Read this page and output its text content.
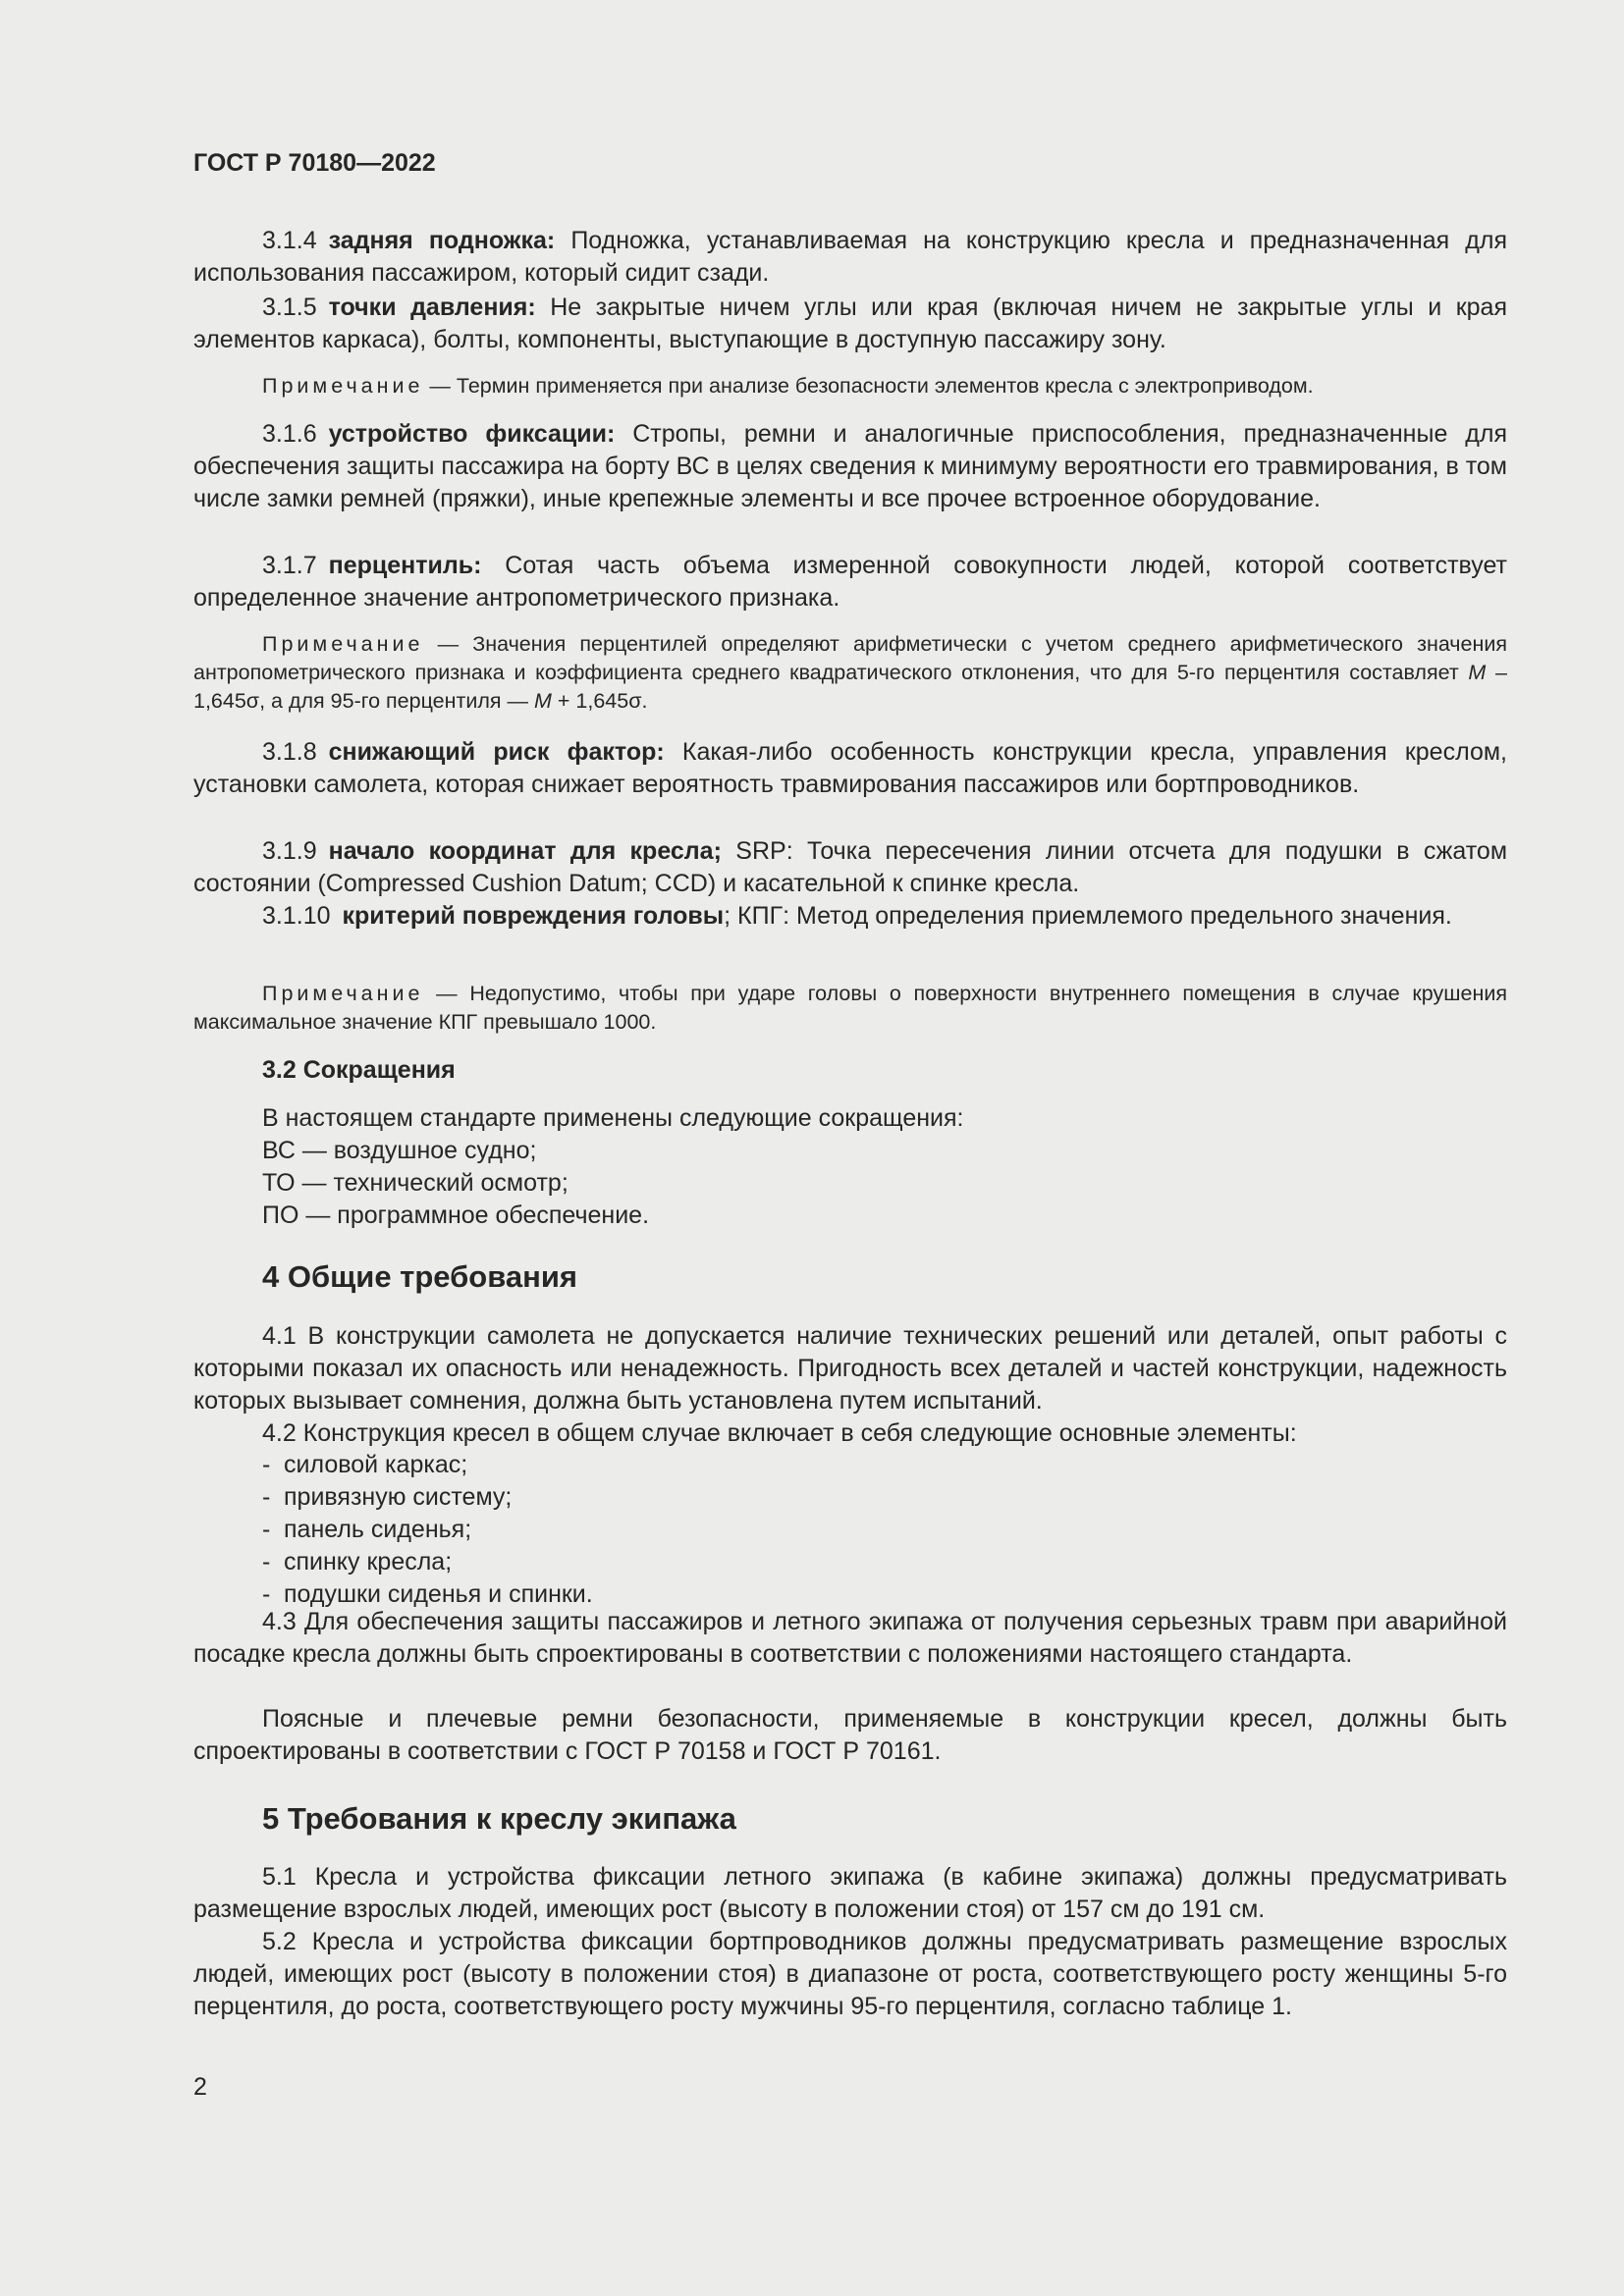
ГОСТ Р 70180—2022

3.1.4 задняя подножка: Подножка, устанавливаемая на конструкцию кресла и предназначенная для использования пассажиром, который сидит сзади.

3.1.5 точки давления: Не закрытые ничем углы или края (включая ничем не закрытые углы и края элементов каркаса), болты, компоненты, выступающие в доступную пассажиру зону.

Примечание — Термин применяется при анализе безопасности элементов кресла с электроприводом.

3.1.6 устройство фиксации: Стропы, ремни и аналогичные приспособления, предназначенные для обеспечения защиты пассажира на борту ВС в целях сведения к минимуму вероятности его травмирования, в том числе замки ремней (пряжки), иные крепежные элементы и все прочее встроенное оборудование.

3.1.7 перцентиль: Сотая часть объема измеренной совокупности людей, которой соответствует определенное значение антропометрического признака.

Примечание — Значения перцентилей определяют арифметически с учетом среднего арифметического значения антропометрического признака и коэффициента среднего квадратического отклонения, что для 5-го перцентиля составляет M – 1,645σ, а для 95-го перцентиля — M + 1,645σ.

3.1.8 снижающий риск фактор: Какая-либо особенность конструкции кресла, управления креслом, установки самолета, которая снижает вероятность травмирования пассажиров или бортпроводников.

3.1.9 начало координат для кресла; SRP: Точка пересечения линии отсчета для подушки в сжатом состоянии (Compressed Cushion Datum; CCD) и касательной к спинке кресла.

3.1.10 критерий повреждения головы; КПГ: Метод определения приемлемого предельного значения.

Примечание — Недопустимо, чтобы при ударе головы о поверхности внутреннего помещения в случае крушения максимальное значение КПГ превышало 1000.

3.2 Сокращения

В настоящем стандарте применены следующие сокращения:

ВС — воздушное судно;

ТО — технический осмотр;

ПО — программное обеспечение.

4 Общие требования

4.1 В конструкции самолета не допускается наличие технических решений или деталей, опыт работы с которыми показал их опасность или ненадежность. Пригодность всех деталей и частей конструкции, надежность которых вызывает сомнения, должна быть установлена путем испытаний.

4.2 Конструкция кресел в общем случае включает в себя следующие основные элементы:

- силовой каркас;

- привязную систему;

- панель сиденья;

- спинку кресла;

- подушки сиденья и спинки.

4.3 Для обеспечения защиты пассажиров и летного экипажа от получения серьезных травм при аварийной посадке кресла должны быть спроектированы в соответствии с положениями настоящего стандарта.

Поясные и плечевые ремни безопасности, применяемые в конструкции кресел, должны быть спроектированы в соответствии с ГОСТ Р 70158 и ГОСТ Р 70161.

5 Требования к креслу экипажа

5.1 Кресла и устройства фиксации летного экипажа (в кабине экипажа) должны предусматривать размещение взрослых людей, имеющих рост (высоту в положении стоя) от 157 см до 191 см.

5.2 Кресла и устройства фиксации бортпроводников должны предусматривать размещение взрослых людей, имеющих рост (высоту в положении стоя) в диапазоне от роста, соответствующего росту женщины 5-го перцентиля, до роста, соответствующего росту мужчины 95-го перцентиля, согласно таблице 1.

2
